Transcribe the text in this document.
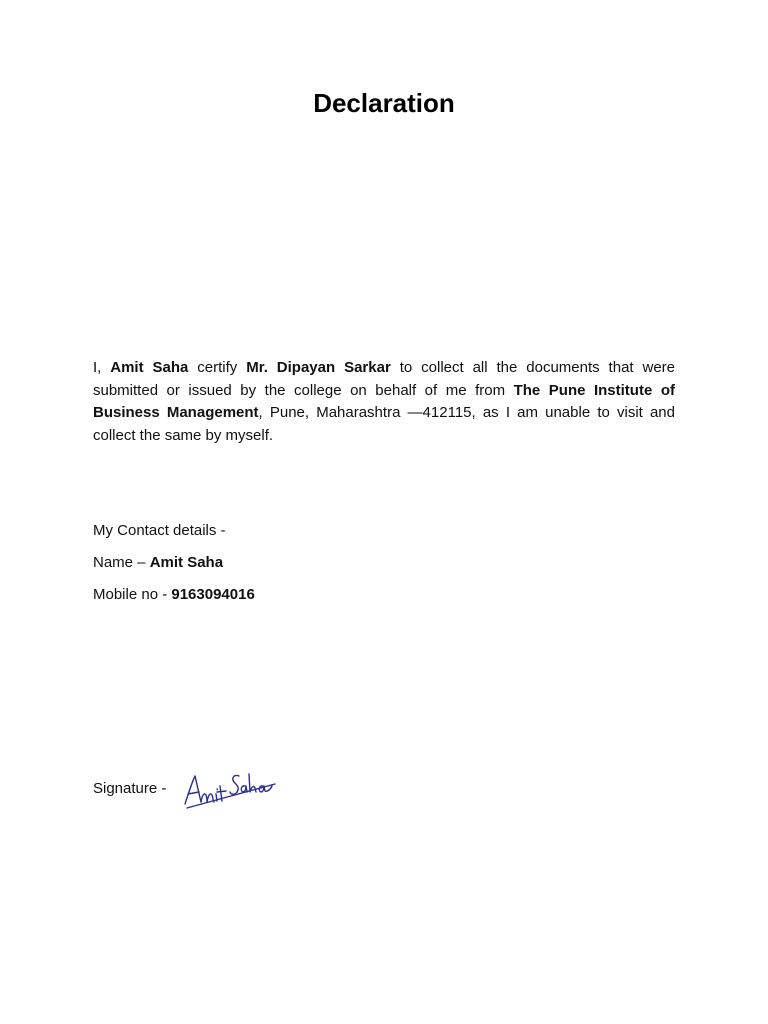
Declaration

I, Amit Saha certify Mr. Dipayan Sarkar to collect all the documents that were submitted or issued by the college on behalf of me from The Pune Institute of Business Management, Pune, Maharashtra —412115, as I am unable to visit and collect the same by myself.

My Contact details -

Name – Amit Saha

Mobile no - 9163094016

Signature -
